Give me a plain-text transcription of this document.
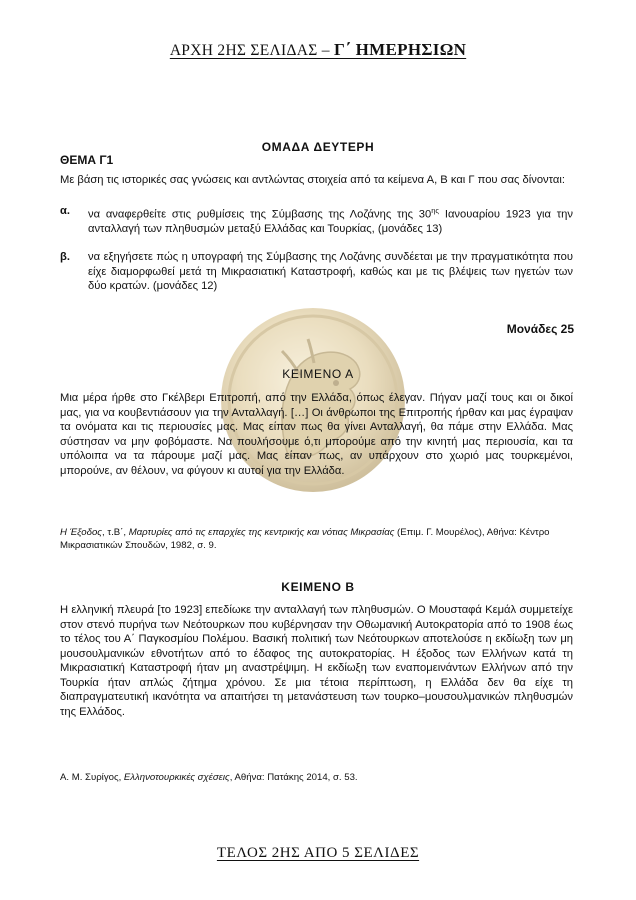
ΑΡΧΗ 2ΗΣ ΣΕΛΙΔΑΣ – Γ΄ ΗΜΕΡΗΣΙΩΝ
ΟΜΑΔΑ ΔΕΥΤΕΡΗ
ΘΕΜΑ Γ1
Με βάση τις ιστορικές σας γνώσεις και αντλώντας στοιχεία από τα κείμενα Α, Β και Γ που σας δίνονται:
α. να αναφερθείτε στις ρυθμίσεις της Σύμβασης της Λοζάνης της $30^{\eta\varsigma}$ Ιανουαρίου 1923 για την ανταλλαγή των πληθυσμών μεταξύ Ελλάδας και Τουρκίας, (μονάδες 13)
β. να εξηγήσετε πώς η υπογραφή της Σύμβασης της Λοζάνης συνδέεται με την πραγματικότητα που είχε διαμορφωθεί μετά τη Μικρασιατική Καταστροφή, καθώς και με τις βλέψεις των ηγετών των δύο κρατών. (μονάδες 12)
Μονάδες 25
ΚΕΙΜΕΝΟ Α
Μια μέρα ήρθε στο Γκέλβερι Επιτροπή, από την Ελλάδα, όπως έλεγαν. Πήγαν μαζί τους και οι δικοί μας, για να κουβεντιάσουν για την Ανταλλαγή. […] Οι άνθρωποι της Επιτροπής ήρθαν και μας έγραψαν τα ονόματα και τις περιουσίες μας. Μας είπαν πως θα γίνει Ανταλλαγή, θα πάμε στην Ελλάδα. Μας σύστησαν να μην φοβόμαστε. Να πουλήσουμε ό,τι μπορούμε από την κινητή μας περιουσία, και τα υπόλοιπα να τα πάρουμε μαζί μας. Μας είπαν πως, αν υπάρχουν στο χωριό μας τουρκεμένοι, μπορούνε, αν θέλουν, να φύγουν κι αυτοί για την Ελλάδα.
Η Έξοδος, τ.Β΄, Μαρτυρίες από τις επαρχίες της κεντρικής και νότιας Μικρασίας (Επιμ. Γ. Μουρέλος), Αθήνα: Κέντρο Μικρασιατικών Σπουδών, 1982, σ. 9.
ΚΕΙΜΕΝΟ Β
Η ελληνική πλευρά [το 1923] επεδίωκε την ανταλλαγή των πληθυσμών. Ο Μουσταφά Κεμάλ συμμετείχε στον στενό πυρήνα των Νεότουρκων που κυβέρνησαν την Οθωμανική Αυτοκρατορία από το 1908 έως το τέλος του Α΄ Παγκοσμίου Πολέμου. Βασική πολιτική των Νεότουρκων αποτελούσε η εκδίωξη των μη μουσουλμανικών εθνοτήτων από το έδαφος της αυτοκρατορίας. Η έξοδος των Ελλήνων κατά τη Μικρασιατική Καταστροφή ήταν μη αναστρέψιμη. Η εκδίωξη των εναπομεινάντων Ελλήνων από την Τουρκία ήταν απλώς ζήτημα χρόνου. Σε μια τέτοια περίπτωση, η Ελλάδα δεν θα είχε τη διαπραγματευτική ικανότητα να απαιτήσει τη μετανάστευση των τουρκο–μουσουλμανικών πληθυσμών της Ελλάδος.
Α. Μ. Συρίγος, Ελληνοτουρκικές σχέσεις, Αθήνα: Πατάκης 2014, σ. 53.
ΤΕΛΟΣ 2ΗΣ ΑΠΟ 5 ΣΕΛΙΔΕΣ
